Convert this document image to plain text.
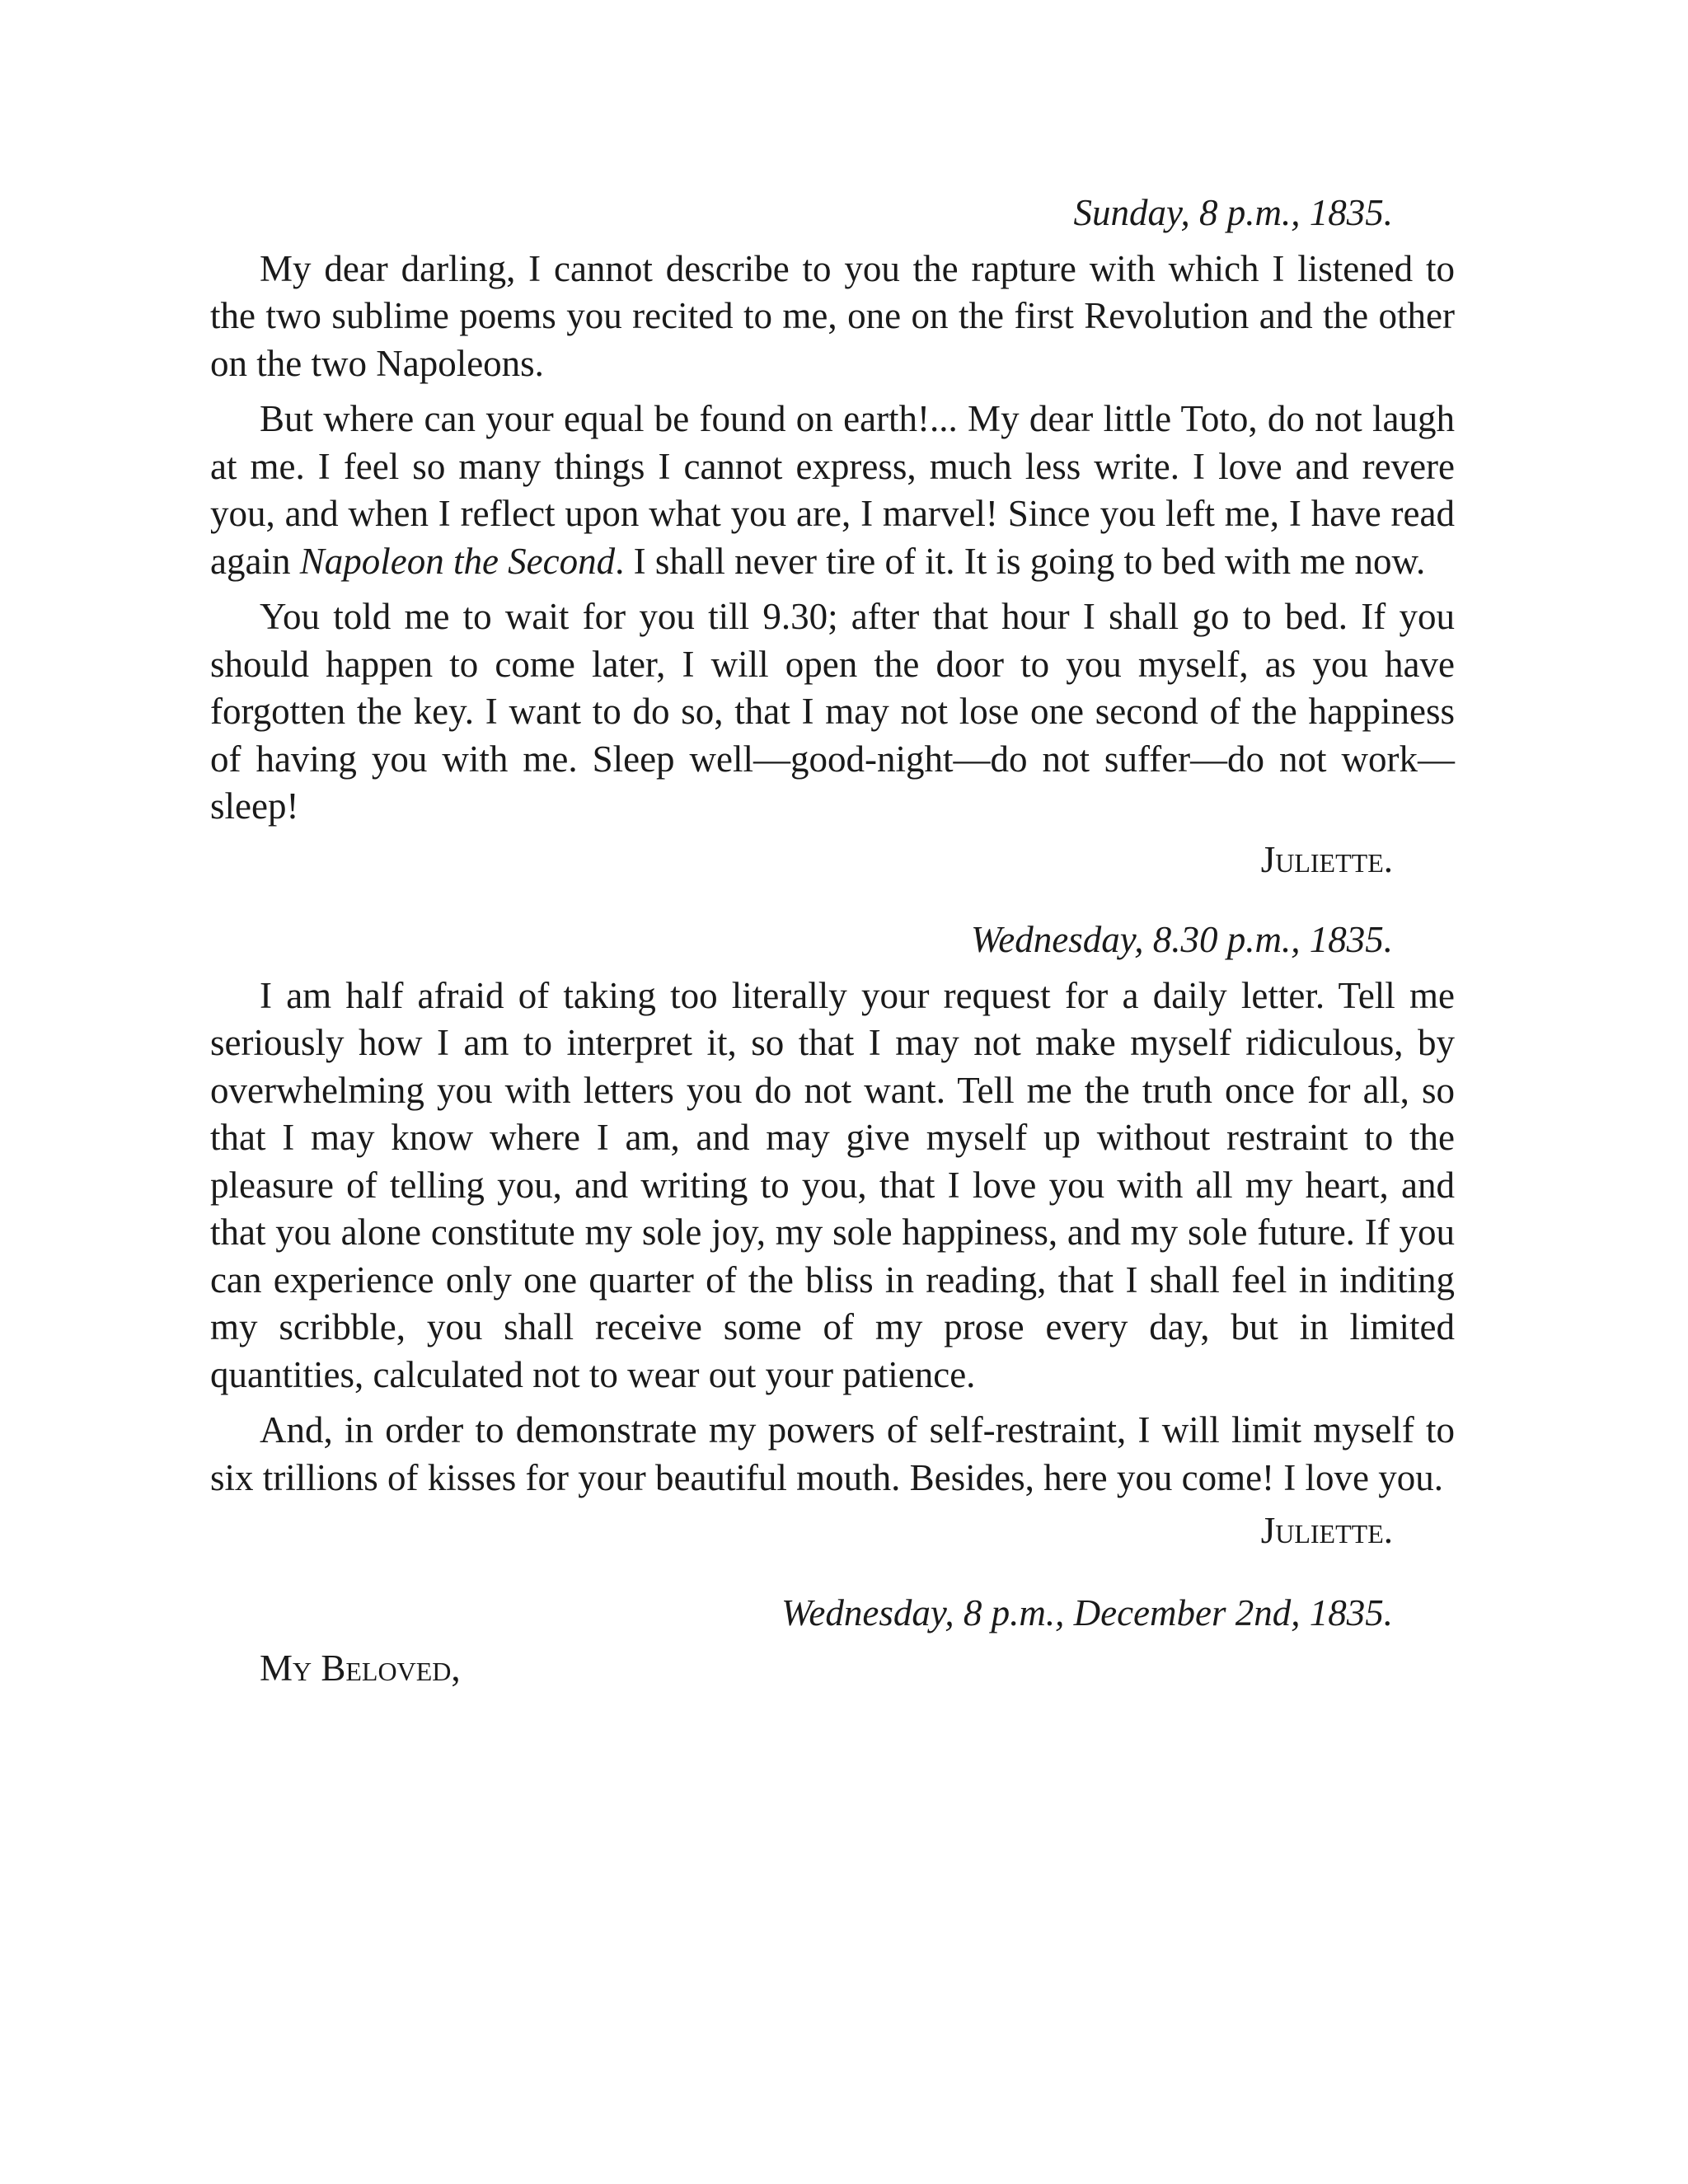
Sunday, 8 p.m., 1835.

My dear darling, I cannot describe to you the rapture with which I listened to the two sublime poems you recited to me, one on the first Revolution and the other on the two Napoleons.

But where can your equal be found on earth!... My dear little Toto, do not laugh at me. I feel so many things I cannot express, much less write. I love and revere you, and when I reflect upon what you are, I marvel! Since you left me, I have read again Napoleon the Second. I shall never tire of it. It is going to bed with me now.

You told me to wait for you till 9.30; after that hour I shall go to bed. If you should happen to come later, I will open the door to you myself, as you have forgotten the key. I want to do so, that I may not lose one second of the happiness of having you with me. Sleep well—good-night—do not suffer—do not work—sleep!

Juliette.
Wednesday, 8.30 p.m., 1835.

I am half afraid of taking too literally your request for a daily letter. Tell me seriously how I am to interpret it, so that I may not make myself ridiculous, by overwhelming you with letters you do not want. Tell me the truth once for all, so that I may know where I am, and may give myself up without restraint to the pleasure of telling you, and writing to you, that I love you with all my heart, and that you alone constitute my sole joy, my sole happiness, and my sole future. If you can experience only one quarter of the bliss in reading, that I shall feel in inditing my scribble, you shall receive some of my prose every day, but in limited quantities, calculated not to wear out your patience.

And, in order to demonstrate my powers of self-restraint, I will limit myself to six trillions of kisses for your beautiful mouth. Besides, here you come! I love you.

Juliette.
Wednesday, 8 p.m., December 2nd, 1835.
My Beloved,
